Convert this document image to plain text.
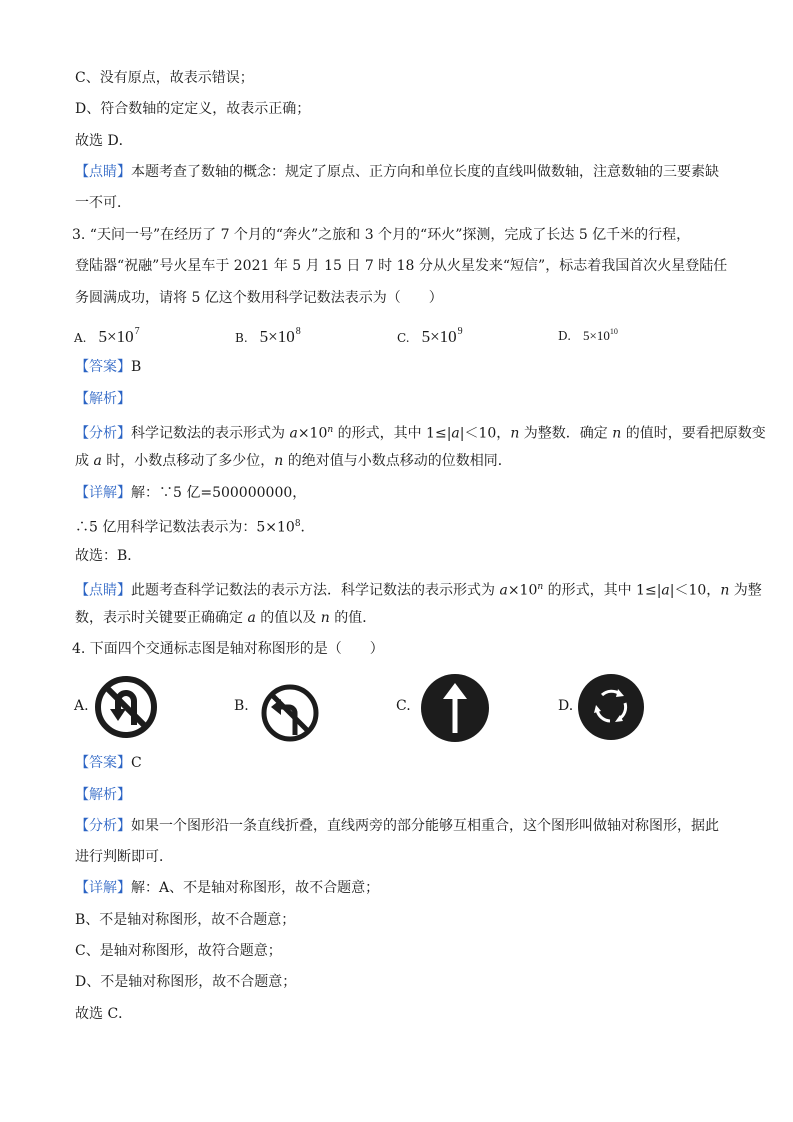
C、没有原点，故表示错误；
D、符合数轴的定定义，故表示正确；
故选 D．
【点睛】本题考查了数轴的概念：规定了原点、正方向和单位长度的直线叫做数轴，注意数轴的三要素缺
一不可．
3. “天问一号”在经历了 7 个月的“奔火”之旅和 3 个月的“环火”探测，完成了长达 5 亿千米的行程，
登陆器“祝融”号火星车于 2021 年 5 月 15 日 7 时 18 分从火星发来“短信”，标志着我国首次火星登陆任
务圆满成功，请将 5 亿这个数用科学记数法表示为（　　）
A. $5\times 10^7$	B. $5\times 10^8$	C. $5\times 10^9$	D. $5\times 10^{10}$
【答案】B
【解析】
【分析】科学记数法的表示形式为 $a\times 10^n$ 的形式，其中 1≤|a|＜10，n 为整数．确定 n 的值时，要看把原数变
成 a 时，小数点移动了多少位，n 的绝对值与小数点移动的位数相同．
【详解】解：∵5 亿=500000000，
∴5 亿用科学记数法表示为：$5\times 10^8$．
故选：B．
【点睛】此题考查科学记数法的表示方法．科学记数法的表示形式为 $a\times 10^n$ 的形式，其中 1≤|a|＜10，n 为整
数，表示时关键要正确确定 a 的值以及 n 的值．
4. 下面四个交通标志图是轴对称图形的是（　　）
A.	B.	C.	D.
【答案】C
【解析】
【分析】如果一个图形沿一条直线折叠，直线两旁的部分能够互相重合，这个图形叫做轴对称图形，据此
进行判断即可．
【详解】解：A、不是轴对称图形，故不合题意；
B、不是轴对称图形，故不合题意；
C、是轴对称图形，故符合题意；
D、不是轴对称图形，故不合题意；
故选 C．
